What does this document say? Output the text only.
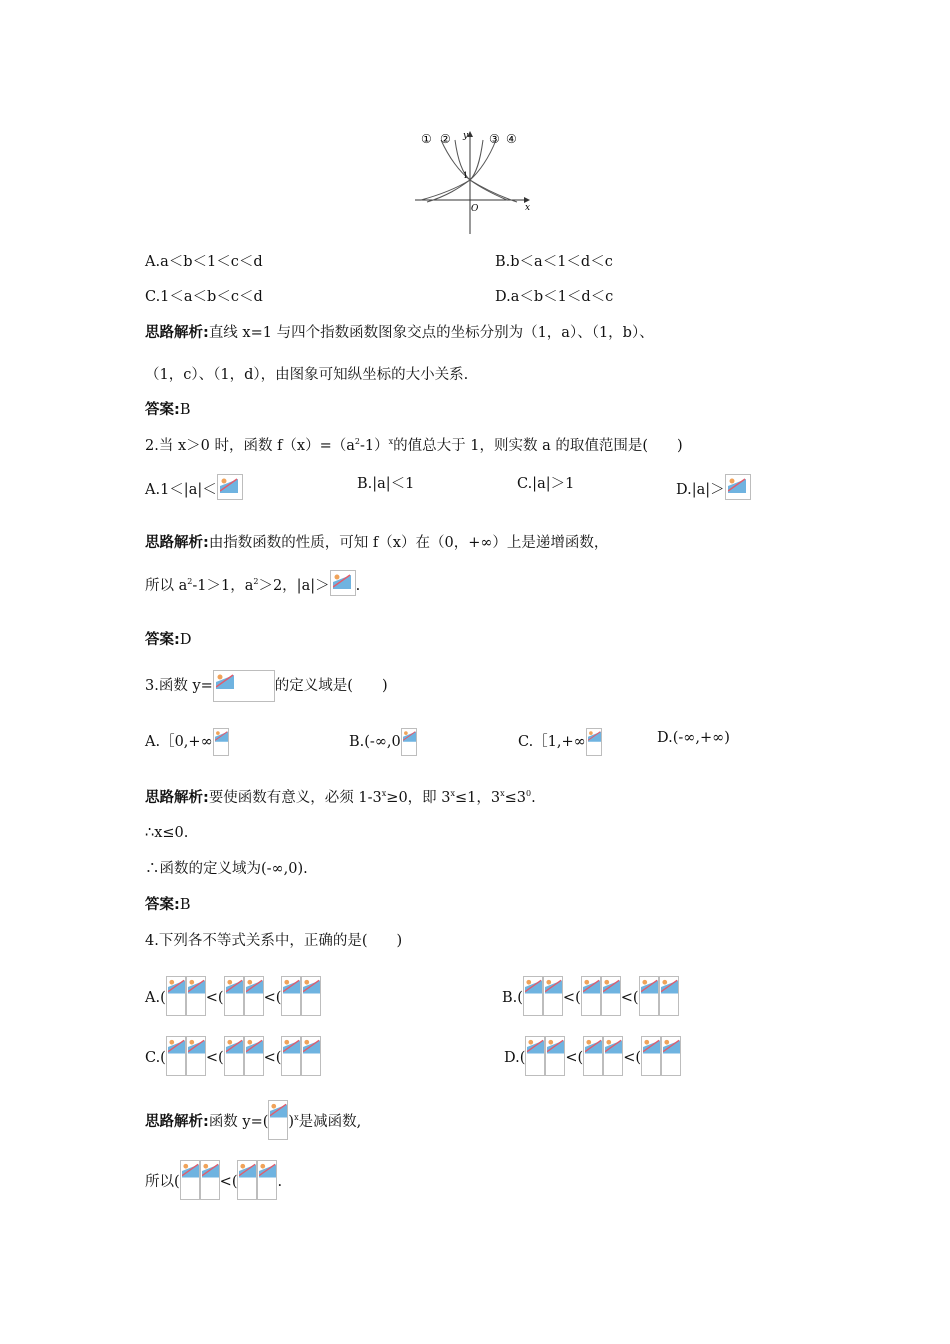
① ②	③ ④
y
x
O
1
A.a＜b＜1＜c＜d	B.b＜a＜1＜d＜c
C.1＜a＜b＜c＜d	D.a＜b＜1＜d＜c
思路解析:直线 x=1 与四个指数函数图象交点的坐标分别为（1，a）、（1，b）、
（1，c）、（1，d），由图象可知纵坐标的大小关系.
答案:B
2.当 x＞0 时，函数 $f(x)=(a^2-1)^x$的值总大于 1，则实数 a 的取值范围是(　　)
A.1＜|a|＜	B.|a|＜1	C.|a|＞1	D.|a|＞
思路解析:由指数函数的性质，可知 f（x）在（0，+∞）上是递增函数，
所以 $a^2-1>1$，$a^2>2$，|a|＞ .
答案:D
3.函数 y=	的定义域是(　　)
A.［0,+∞	B.(-∞,0	C.［1,+∞	D.(-∞,+∞)
思路解析:要使函数有意义，必须 $1-3^x\ge 0$，即 $3^x\le 1$，$3^x\le 3^0$.
∴x≤0.
∴函数的定义域为(-∞,0).
答案:B
4.下列各不等式关系中，正确的是(　　)
A.(	<(	<(	B.(	<(	<(
C.(	<(	<(	D.(	<(	<(
思路解析:函数 y=( )$^x$是减函数,
所以(	<(	.
